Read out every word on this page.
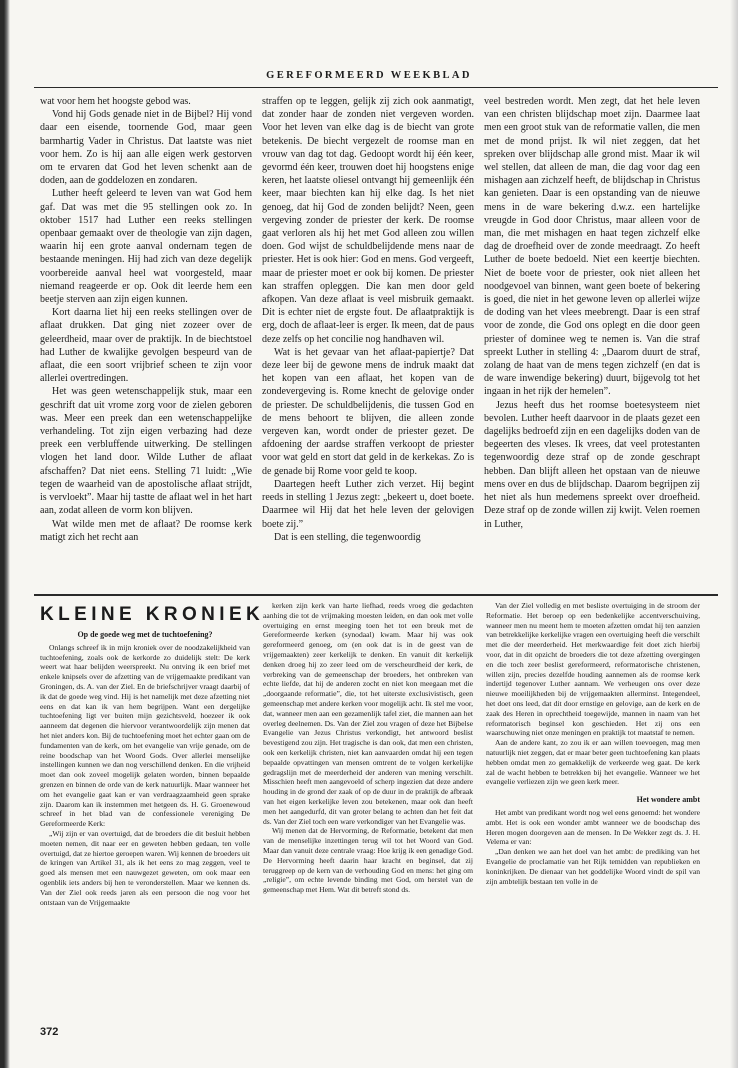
GEREFORMEERD WEEKBLAD

wat voor hem het hoogste gebod was.

Vond hij Gods genade niet in de Bijbel? Hij vond daar een eisende, toornende God, maar geen barmhartig Vader in Christus. Dat laatste was niet voor hem. Zo is hij aan alle eigen werk gestorven om te ervaren dat God het leven schenkt aan de doden, aan de goddelozen en zondaren.

Luther heeft geleerd te leven van wat God hem gaf. Dat was met die 95 stellingen ook zo. In oktober 1517 had Luther een reeks stellingen openbaar gemaakt over de theologie van zijn dagen, waarin hij een grote aanval ondernam tegen de bestaande meningen. Hij had zich van deze degelijk voorbereide aanval heel wat voorgesteld, maar niemand reageerde er op. Ook dit leerde hem een beetje sterven aan zijn eigen kunnen.

Kort daarna liet hij een reeks stellingen over de aflaat drukken. Dat ging niet zozeer over de geleerdheid, maar over de praktijk. In de biechtstoel had Luther de kwalijke gevolgen bespeurd van de aflaat, die een soort vrijbrief scheen te zijn voor allerlei overtredingen.

Het was geen wetenschappelijk stuk, maar een geschrift dat uit vrome zorg voor de zielen geboren was. Meer een preek dan een wetenschappelijke verhandeling. Tot zijn eigen verbazing had deze preek een verbluffende uitwerking. De stellingen vlogen het land door. Wilde Luther de aflaat afschaffen? Dat niet eens. Stelling 71 luidt: „Wie tegen de waarheid van de apostolische aflaat strijdt, is vervloekt”. Maar hij tastte de aflaat wel in het hart aan, zodat alleen de vorm kon blijven.

Wat wilde men met de aflaat? De roomse kerk matigt zich het recht aan

straffen op te leggen, gelijk zij zich ook aanmatigt, dat zonder haar de zonden niet vergeven worden. Voor het leven van elke dag is de biecht van grote betekenis. De biecht vergezelt de roomse man en vrouw van dag tot dag. Gedoopt wordt hij één keer, gevormd één keer, trouwen doet hij hoogstens enige keren, het laatste oliesel ontvangt hij gemeenlijk één keer, maar biechten kan hij elke dag. Is het niet genoeg, dat hij God de zonden belijdt? Neen, geen vergeving zonder de priester der kerk. De roomse gaat verloren als hij het met God alleen zou willen doen. God wijst de schuldbelijdende mens naar de priester. Het is ook hier: God en mens. God vergeeft, maar de priester moet er ook bij komen. De priester kan straffen opleggen. Die kan men door geld afkopen. Van deze aflaat is veel misbruik gemaakt. Dit is echter niet de ergste fout. De aflaatpraktijk is erg, doch de aflaat-leer is erger. Ik meen, dat de paus deze zelfs op het concilie nog handhaven wil.

Wat is het gevaar van het aflaat-papiertje? Dat deze leer bij de gewone mens de indruk maakt dat het kopen van een aflaat, het kopen van de zondevergeving is. Rome knecht de gelovige onder de priester. De schuldbelijdenis, die tussen God en de mens behoort te blijven, die alleen zonde vergeven kan, wordt onder de priester gezet. De afdoening der aardse straffen verkoopt de priester voor wat geld en stort dat geld in de kerkekas. Zo is de genade bij Rome voor geld te koop.

Daartegen heeft Luther zich verzet. Hij begint reeds in stelling 1 Jezus zegt: „bekeert u, doet boete. Daarmee wil Hij dat het hele leven der gelovigen boete zij.”

Dat is een stelling, die tegenwoordig

veel bestreden wordt. Men zegt, dat het hele leven van een christen blijdschap moet zijn. Daarmee laat men een groot stuk van de reformatie vallen, die men met de mond prijst. Ik wil niet zeggen, dat het spreken over blijdschap alle grond mist. Maar ik wil wel stellen, dat alleen de man, die dag voor dag een mishagen aan zichzelf heeft, de blijdschap in Christus kan genieten. Daar is een opstanding van de nieuwe mens in de ware bekering d.w.z. een hartelijke vreugde in God door Christus, maar alleen voor de man, die met mishagen en haat tegen zichzelf elke dag de droefheid over de zonde meedraagt. Zo heeft Luther de boete bedoeld. Niet een keertje biechten. Niet de boete voor de priester, ook niet alleen het noodgevoel van binnen, want geen boete of bekering is goed, die niet in het gewone leven op allerlei wijze de doding van het vlees meebrengt. Daar is een straf voor de zonde, die God ons oplegt en die door geen priester of dominee weg te nemen is. Van die straf spreekt Luther in stelling 4: „Daarom duurt de straf, zolang de haat van de mens tegen zichzelf (en dat is de ware inwendige bekering) duurt, bijgevolg tot het ingaan in het rijk der hemelen”.

Jezus heeft dus het roomse boetesysteem niet bevolen. Luther heeft daarvoor in de plaats gezet een dagelijks bedroefd zijn en een dagelijks doden van de begeerten des vleses. Ik vrees, dat veel protestanten tegenwoordig deze straf op de zonde geschrapt hebben. Dan blijft alleen het opstaan van de nieuwe mens over en dus de blijdschap. Daarom begrijpen zij het niet als hun medemens spreekt over droefheid. Deze straf op de zonde willen zij kwijt. Velen roemen in Luther,

KLEINE KRONIEK
Op de goede weg met de tuchtoefening?

Onlangs schreef ik in mijn kroniek over de noodzakelijkheid van tuchtoefening, zoals ook de kerkorde zo duidelijk stelt: De kerk weert wat haar belijden weerspreekt. Nu ontving ik een brief met enkele knipsels over de afzetting van de vrijgemaakte predikant van Groningen, ds. A. van der Ziel. En de briefschrijver vraagt daarbij of ik dat de goede weg vind. Hij is het namelijk met deze afzetting niet eens en dat kan ik van hem begrijpen. Want een dergelijke tuchtoefening ligt ver buiten mijn gezichtsveld, hoezeer ik ook aanneem dat degenen die hiervoor verantwoordelijk zijn menen dat het niet anders kon. Bij de tuchtoefening moet het echter gaan om de fundamenten van de kerk, om het evangelie van vrije genade, om de reine boodschap van het Woord Gods. Over allerlei menselijke instellingen kunnen we dan nog verschillend denken. En die vrijheid moet dan ook zoveel mogelijk gelaten worden, binnen bepaalde grenzen en binnen de orde van de kerk natuurlijk. Maar wanneer het om het evangelie gaat kan er van verdraagzaamheid geen sprake zijn. Daarom kan ik instemmen met hetgeen ds. H. G. Groenewoud schreef in het blad van de confessionele vereniging De Gereformeerde Kerk:

„Wij zijn er van overtuigd, dat de broeders die dit besluit hebben moeten nemen, dit naar eer en geweten hebben gedaan, ten volle overtuigd, dat ze hiertoe geroepen waren. Wij kennen de broeders uit de kringen van Artikel 31, als ik het eens zo mag zeggen, veel te goed als mensen met een nauwgezet geweten, om ook maar een ogenblik iets anders bij hen te veronderstellen. Maar we kennen ds. Van der Ziel ook reeds jaren als een persoon die nog voor het ontstaan van de Vrijgemaakte

kerken zijn kerk van harte liefhad, reeds vroeg die gedachten aanhing die tot de vrijmaking moesten leiden, en dan ook met volle overtuiging en ernst meeging toen het tot een breuk met de Gereformeerde kerken (synodaal) kwam. Maar hij was ook gereformeerd genoeg, om (en ook dat is in de geest van de vrijgemaakten) zeer kerkelijk te denken. En vanuit dit kerkelijk denken droeg hij zo zeer leed om de verscheurdheid der kerk, de verbreking van de gemeenschap der broeders, het ontbreken van echte liefde, dat hij de anderen zocht en niet kon meegaan met die „doorgaande reformatie”, die, tot het uiterste exclusivistisch, geen gemeenschap met andere kerken voor mogelijk acht. Ik stel me voor, dat, wanneer men aan een gezamenlijk tafel ziet, die mannen aan het overleg deelnemen. Ds. Van der Ziel zou vragen of deze het Bijbelse Evangelie van Jezus Christus verkondigt, het antwoord beslist bevestigend zou zijn. Het tragische is dan ook, dat men een christen, ook een kerkelijk christen, niet kan aanvaarden omdat hij een tegen bepaalde opvattingen van mensen omtrent de te volgen kerkelijke gedragslijn met de meerderheid der anderen van mening verschilt. Misschien heeft men aangevoeld of scherp ingezien dat deze andere houding in de grond der zaak of op de duur in de praktijk de afbraak van het eigen kerkelijke leven zou betekenen, maar ook dan heeft men het aangedurfd, dit van groter belang te achten dan het feit dat ds. Van der Ziel toch een ware verkondiger van het Evangelie was.

Wij menen dat de Hervorming, de Reformatie, betekent dat men van de menselijke inzettingen terug wil tot het Woord van God. Maar dan vanuit deze centrale vraag: Hoe krijg ik een genadige God. De Hervorming heeft daarin haar kracht en beginsel, dat zij teruggreep op de kern van de verhouding God en mens: het ging om „religie”, om echte levende binding met God, om herstel van de gemeenschap met Hem. Wat dit betreft stond ds.

Van der Ziel volledig en met besliste overtuiging in de stroom der Reformatie. Het beroep op een bedenkelijke accentverschuiving, wanneer men nu meent hem te moeten afzetten omdat hij ten aanzien van betrekkelijke kerkelijke vragen een overtuiging heeft die verschilt met die der meerderheid. Het merkwaardige feit doet zich hierbij voor, dat in dit opzicht de broeders die tot deze afzetting overgingen en die toch zeer beslist gereformeerd, reformatorische christenen, willen zijn, precies dezelfde houding aannemen als de roomse kerk indertijd tegenover Luther aannam. We verheugen ons over deze nieuwe moeilijkheden bij de vrijgemaakten allerminst. Integendeel, het doet ons leed, dat dit door ernstige en gelovige, aan de kerk en de zaak des Heren in oprechtheid toegewijde, mannen in naam van het reformatorisch beginsel kon geschieden. Het zij ons een waarschuwing niet onze meningen en praktijk tot maatstaf te nemen.

Aan de andere kant, zo zou ik er aan willen toevoegen, mag men natuurlijk niet zeggen, dat er maar beter geen tuchtoefening kan plaats hebben omdat men zo gemakkelijk de verkeerde weg gaat. De kerk zal de wacht hebben te betrekken bij het evangelie. Wanneer we het evangelie verliezen zijn we geen kerk meer.

Het wondere ambt

Het ambt van predikant wordt nog wel eens genoemd: het wondere ambt. Het is ook een wonder ambt wanneer we de boodschap des Heren mogen doorgeven aan de mensen. In De Wekker zegt ds. J. H. Velema er van:

„Dan denken we aan het doel van het ambt: de prediking van het Evangelie de proclamatie van het Rijk temidden van republieken en koninkrijken. De dienaar van het goddelijke Woord vindt de spil van zijn ambtelijk bestaan ten volle in de

372
